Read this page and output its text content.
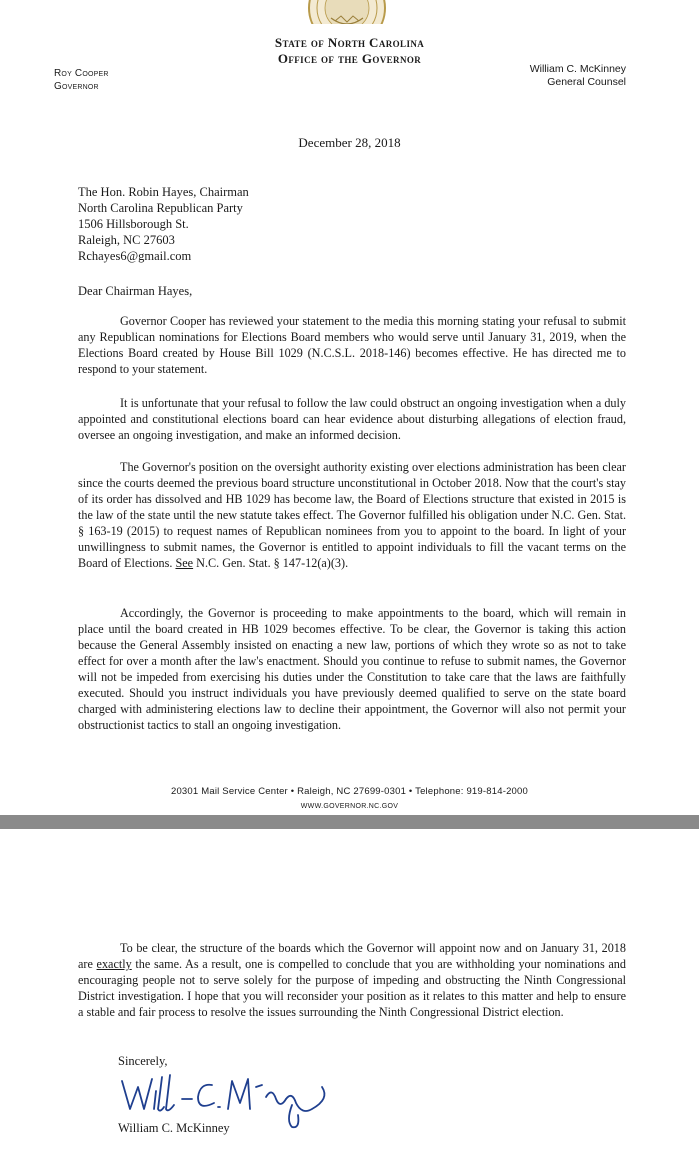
State of North Carolina
Office of the Governor
Roy Cooper
Governor
William C. McKinney
General Counsel
December 28, 2018
The Hon. Robin Hayes, Chairman
North Carolina Republican Party
1506 Hillsborough St.
Raleigh, NC 27603
Rchayes6@gmail.com
Dear Chairman Hayes,

Governor Cooper has reviewed your statement to the media this morning stating your refusal to submit any Republican nominations for Elections Board members who would serve until January 31, 2019, when the Elections Board created by House Bill 1029 (N.C.S.L. 2018-146) becomes effective. He has directed me to respond to your statement.

It is unfortunate that your refusal to follow the law could obstruct an ongoing investigation when a duly appointed and constitutional elections board can hear evidence about disturbing allegations of election fraud, oversee an ongoing investigation, and make an informed decision.

The Governor's position on the oversight authority existing over elections administration has been clear since the courts deemed the previous board structure unconstitutional in October 2018. Now that the court's stay of its order has dissolved and HB 1029 has become law, the Board of Elections structure that existed in 2015 is the law of the state until the new statute takes effect. The Governor fulfilled his obligation under N.C. Gen. Stat. § 163-19 (2015) to request names of Republican nominees from you to appoint to the board. In light of your unwillingness to submit names, the Governor is entitled to appoint individuals to fill the vacant terms on the Board of Elections. See N.C. Gen. Stat. § 147-12(a)(3).

Accordingly, the Governor is proceeding to make appointments to the board, which will remain in place until the board created in HB 1029 becomes effective. To be clear, the Governor is taking this action because the General Assembly insisted on enacting a new law, portions of which they wrote so as not to take effect for over a month after the law's enactment. Should you continue to refuse to submit names, the Governor will not be impeded from exercising his duties under the Constitution to take care that the laws are faithfully executed. Should you instruct individuals you have previously deemed qualified to serve on the state board charged with administering elections law to decline their appointment, the Governor will also not permit your obstructionist tactics to stall an ongoing investigation.

20301 Mail Service Center • Raleigh, NC 27699-0301 • Telephone: 919-814-2000
WWW.GOVERNOR.NC.GOV

To be clear, the structure of the boards which the Governor will appoint now and on January 31, 2018 are exactly the same. As a result, one is compelled to conclude that you are withholding your nominations and encouraging people not to serve solely for the purpose of impeding and obstructing the Ninth Congressional District investigation. I hope that you will reconsider your position as it relates to this matter and help to ensure a stable and fair process to resolve the issues surrounding the Ninth Congressional District election.

Sincerely,
William C. McKinney
